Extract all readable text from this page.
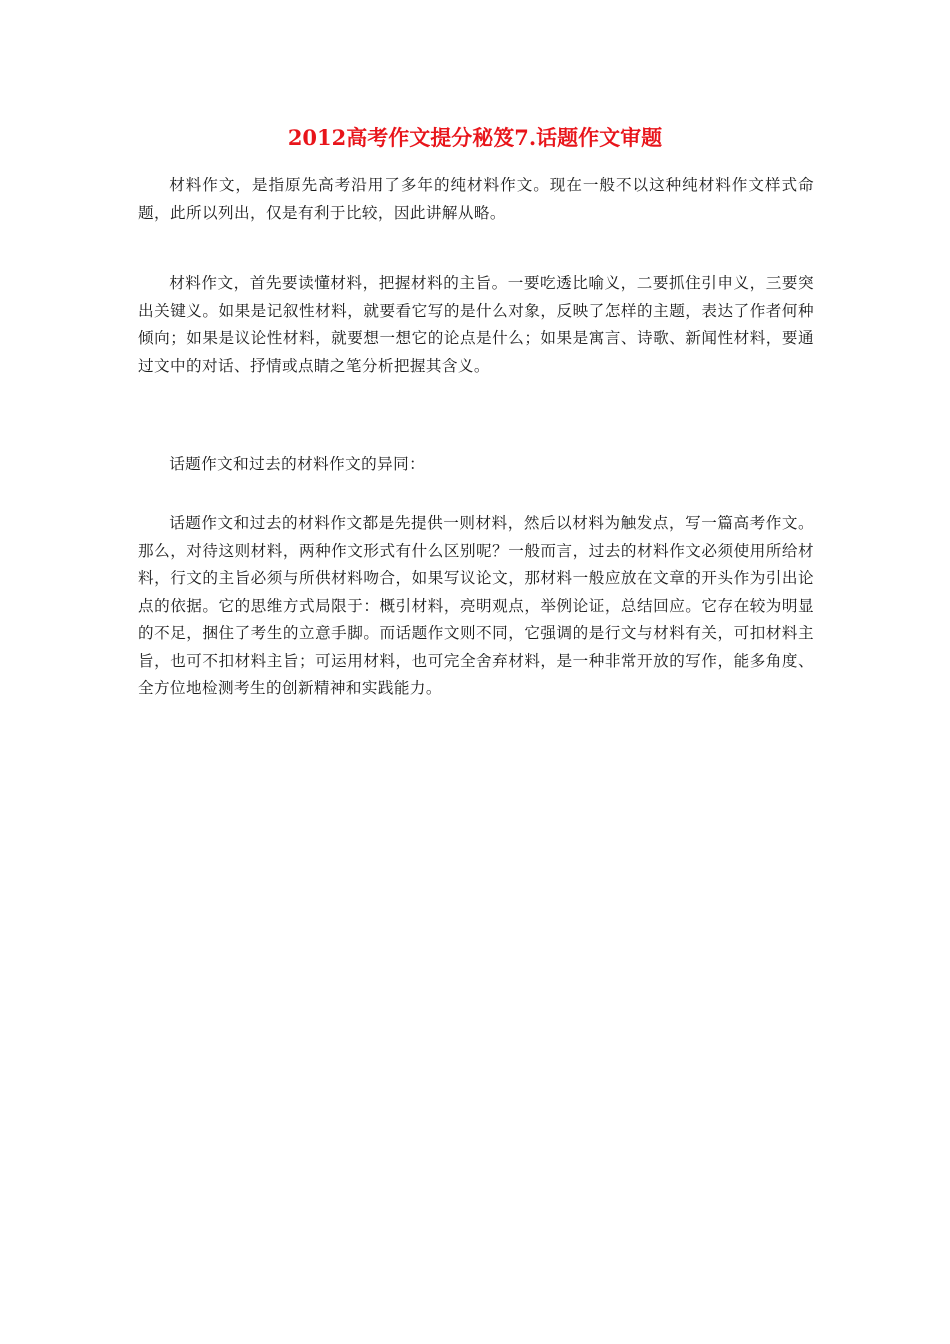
2012高考作文提分秘笈7.话题作文审题

材料作文，是指原先高考沿用了多年的纯材料作文。现在一般不以这种纯材料作文样式命题，此所以列出，仅是有利于比较，因此讲解从略。

材料作文，首先要读懂材料，把握材料的主旨。一要吃透比喻义，二要抓住引申义，三要突出关键义。如果是记叙性材料，就要看它写的是什么对象，反映了怎样的主题，表达了作者何种倾向；如果是议论性材料，就要想一想它的论点是什么；如果是寓言、诗歌、新闻性材料，要通过文中的对话、抒情或点睛之笔分析把握其含义。

话题作文和过去的材料作文的异同：

话题作文和过去的材料作文都是先提供一则材料，然后以材料为触发点，写一篇高考作文。那么，对待这则材料，两种作文形式有什么区别呢？一般而言，过去的材料作文必须使用所给材料，行文的主旨必须与所供材料吻合，如果写议论文，那材料一般应放在文章的开头作为引出论点的依据。它的思维方式局限于：概引材料，亮明观点，举例论证，总结回应。它存在较为明显的不足，捆住了考生的立意手脚。而话题作文则不同，它强调的是行文与材料有关，可扣材料主旨，也可不扣材料主旨；可运用材料，也可完全舍弃材料，是一种非常开放的写作，能多角度、全方位地检测考生的创新精神和实践能力。
